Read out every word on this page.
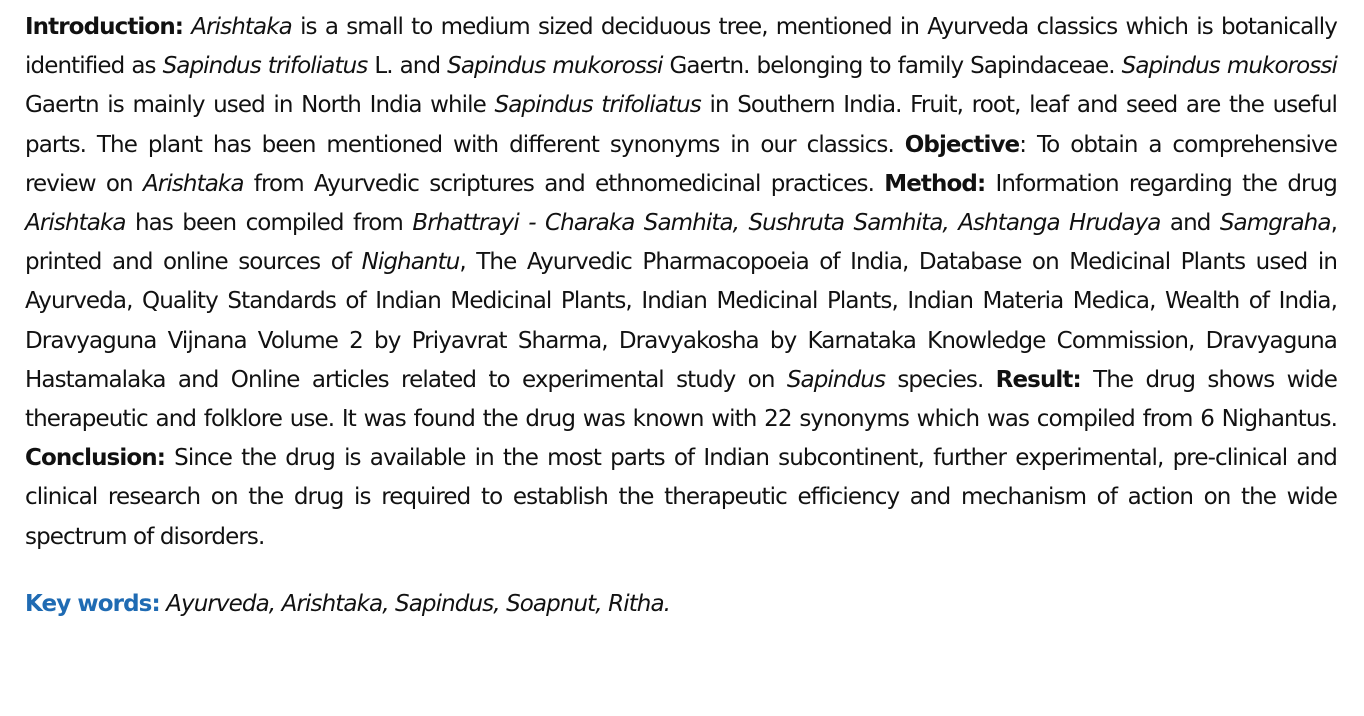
Introduction: Arishtaka is a small to medium sized deciduous tree, mentioned in Ayurveda classics which is botanically identified as Sapindus trifoliatus L. and Sapindus mukorossi Gaertn. belonging to family Sapindaceae. Sapindus mukorossi Gaertn is mainly used in North India while Sapindus trifoliatus in Southern India. Fruit, root, leaf and seed are the useful parts. The plant has been mentioned with different synonyms in our classics. Objective: To obtain a comprehensive review on Arishtaka from Ayurvedic scriptures and ethnomedicinal practices. Method: Information regarding the drug Arishtaka has been compiled from Brhattrayi - Charaka Samhita, Sushruta Samhita, Ashtanga Hrudaya and Samgraha, printed and online sources of Nighantu, The Ayurvedic Pharmacopoeia of India, Database on Medicinal Plants used in Ayurveda, Quality Standards of Indian Medicinal Plants, Indian Medicinal Plants, Indian Materia Medica, Wealth of India, Dravyaguna Vijnana Volume 2 by Priyavrat Sharma, Dravyakosha by Karnataka Knowledge Commission, Dravyaguna Hastamalaka and Online articles related to experimental study on Sapindus species. Result: The drug shows wide therapeutic and folklore use. It was found the drug was known with 22 synonyms which was compiled from 6 Nighantus. Conclusion: Since the drug is available in the most parts of Indian subcontinent, further experimental, pre-clinical and clinical research on the drug is required to establish the therapeutic efficiency and mechanism of action on the wide spectrum of disorders.

Key words: Ayurveda, Arishtaka, Sapindus, Soapnut, Ritha.
